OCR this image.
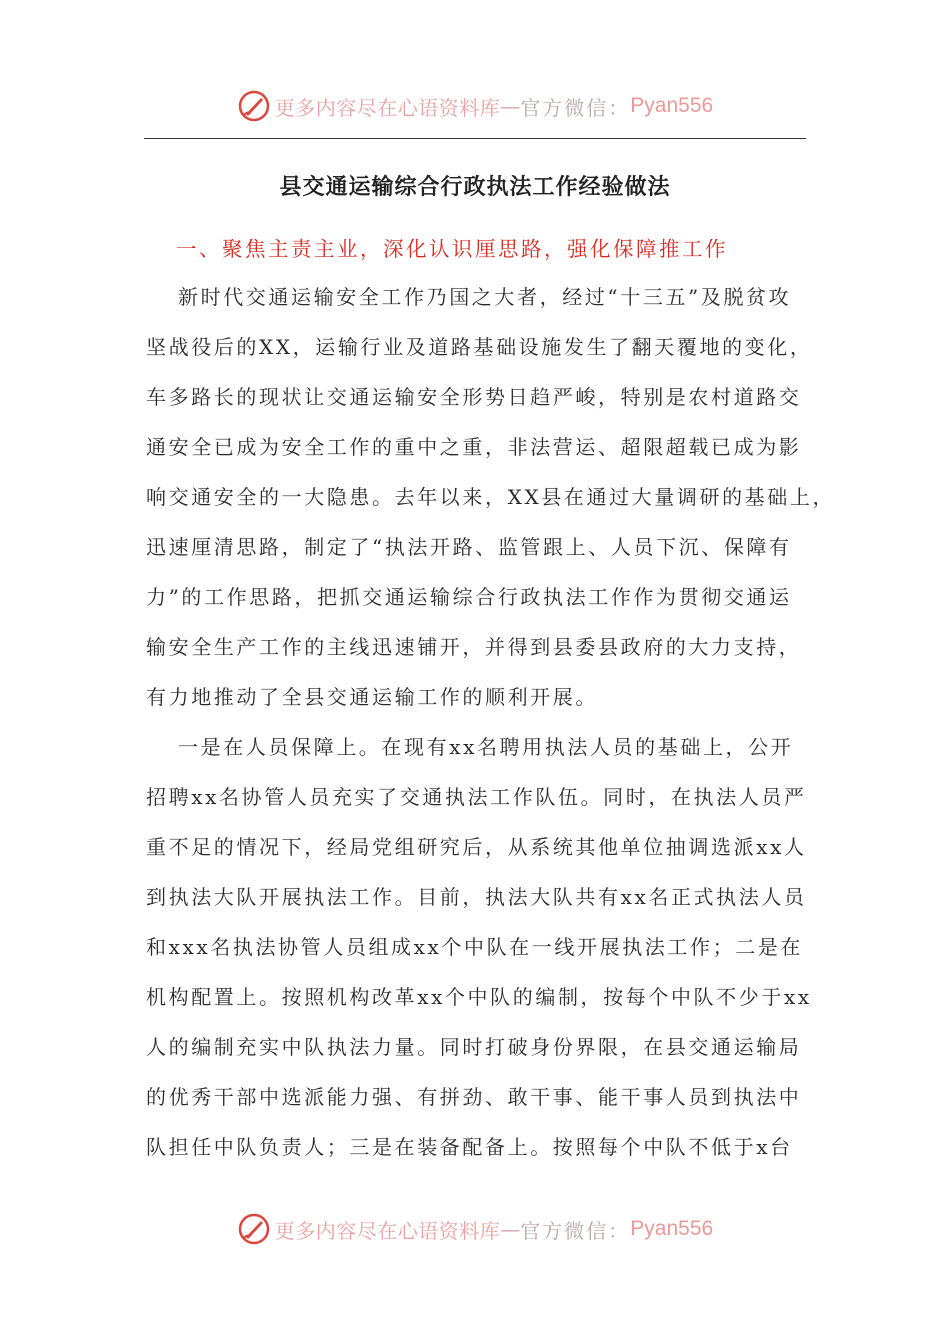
更多内容尽在心语资料库 — 官方微信： Pyan556
县交通运输综合行政执法工作经验做法
一、聚焦主责主业，深化认识厘思路，强化保障推工作
新时代交通运输安全工作乃国之大者，经过“十三五”及脱贫攻
坚战役后的XX，运输行业及道路基础设施发生了翻天覆地的变化，
车多路长的现状让交通运输安全形势日趋严峻，特别是农村道路交
通安全已成为安全工作的重中之重，非法营运、超限超载已成为影
响交通安全的一大隐患。去年以来，XX县在通过大量调研的基础上，
迅速厘清思路，制定了“执法开路、监管跟上、人员下沉、保障有
力”的工作思路，把抓交通运输综合行政执法工作作为贯彻交通运
输安全生产工作的主线迅速铺开，并得到县委县政府的大力支持，
有力地推动了全县交通运输工作的顺利开展。
一是在人员保障上。在现有xx名聘用执法人员的基础上，公开
招聘xx名协管人员充实了交通执法工作队伍。同时，在执法人员严
重不足的情况下，经局党组研究后，从系统其他单位抽调选派xx人
到执法大队开展执法工作。目前，执法大队共有xx名正式执法人员
和xxx名执法协管人员组成xx个中队在一线开展执法工作；二是在
机构配置上。按照机构改革xx个中队的编制，按每个中队不少于xx
人的编制充实中队执法力量。同时打破身份界限，在县交通运输局
的优秀干部中选派能力强、有拼劲、敢干事、能干事人员到执法中
队担任中队负责人；三是在装备配备上。按照每个中队不低于x台
更多内容尽在心语资料库 — 官方微信： Pyan556
